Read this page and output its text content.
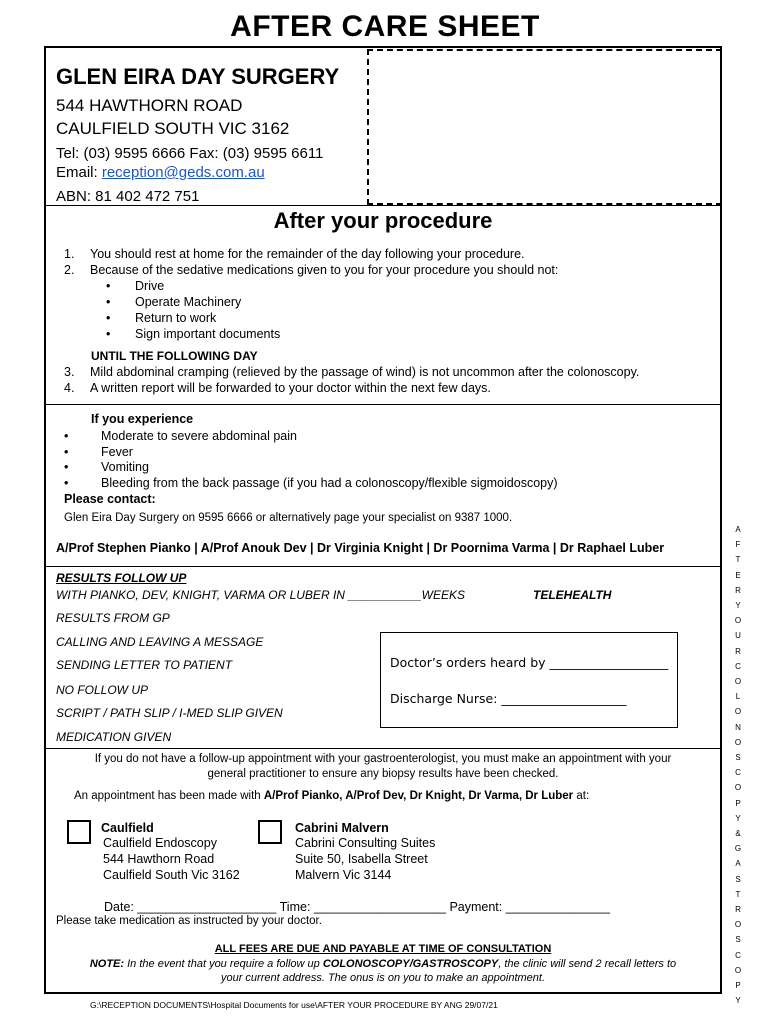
AFTER CARE SHEET
GLEN EIRA DAY SURGERY
544 HAWTHORN ROAD
CAULFIELD SOUTH VIC 3162
Tel: (03) 9595 6666 Fax: (03) 9595 6611
Email: reception@geds.com.au
ABN: 81 402 472 751
After your procedure
1. You should rest at home for the remainder of the day following your procedure.
2. Because of the sedative medications given to you for your procedure you should not:
• Drive
• Operate Machinery
• Return to work
• Sign important documents
UNTIL THE FOLLOWING DAY
3. Mild abdominal cramping (relieved by the passage of wind) is not uncommon after the colonoscopy.
4. A written report will be forwarded to your doctor within the next few days.
If you experience
• Moderate to severe abdominal pain
• Fever
• Vomiting
• Bleeding from the back passage (if you had a colonoscopy/flexible sigmoidoscopy)
Please contact:
Glen Eira Day Surgery on 9595 6666 or alternatively page your specialist on 9387 1000.
A/Prof Stephen Pianko | A/Prof Anouk Dev | Dr Virginia Knight | Dr Poornima Varma | Dr Raphael Luber
RESULTS FOLLOW UP
WITH PIANKO, DEV, KNIGHT, VARMA OR LUBER IN ___________WEEKS	TELEHEALTH
RESULTS FROM GP
CALLING AND LEAVING A MESSAGE
SENDING LETTER TO PATIENT
NO FOLLOW UP
SCRIPT / PATH SLIP / I-MED SLIP GIVEN
MEDICATION GIVEN
Doctor’s orders heard by ___________________
Discharge Nurse: ____________________
If you do not have a follow-up appointment with your gastroenterologist, you must make an appointment with your
general practitioner to ensure any biopsy results have been checked.
An appointment has been made with A/Prof Pianko, A/Prof Dev, Dr Knight, Dr Varma, Dr Luber at:
Caulfield
Caulfield Endoscopy
544 Hawthorn Road
Caulfield South Vic 3162
Cabrini Malvern
Cabrini Consulting Suites
Suite 50, Isabella Street
Malvern Vic 3144
Date: ____________________ Time: ___________________ Payment: _______________
Please take medication as instructed by your doctor.
ALL FEES ARE DUE AND PAYABLE AT TIME OF CONSULTATION
NOTE: In the event that you require a follow up COLONOSCOPY/GASTROSCOPY, the clinic will send 2 recall letters to
your current address. The onus is on you to make an appointment.
A
F
T
E
R
Y
O
U
R
C
O
L
O
N
O
S
C
O
P
Y
&
G
A
S
T
R
O
S
C
O
P
Y
G:\RECEPTION DOCUMENTS\Hospital Documents for use\AFTER YOUR PROCEDURE BY ANG 29/07/21
